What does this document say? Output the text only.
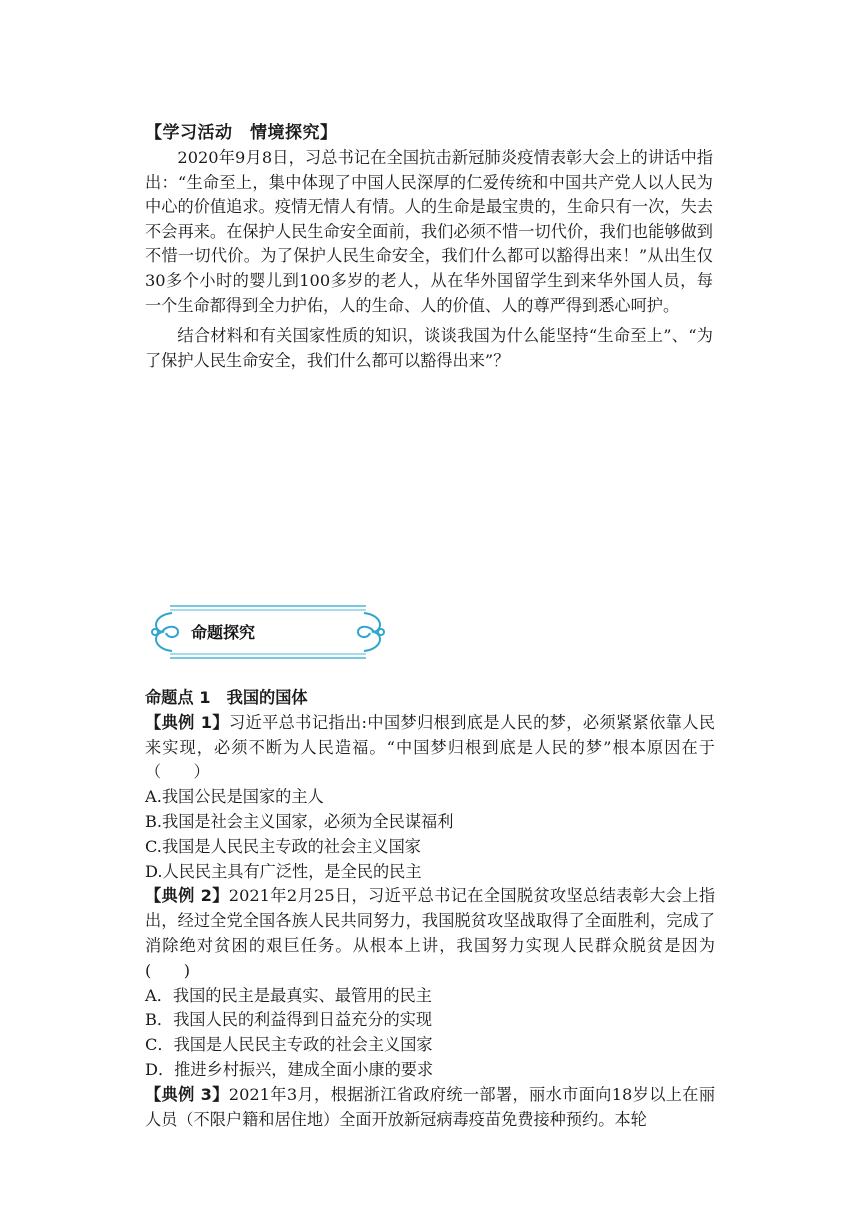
【学习活动　情境探究】

2020年9月8日，习总书记在全国抗击新冠肺炎疫情表彰大会上的讲话中指出：“生命至上，集中体现了中国人民深厚的仁爱传统和中国共产党人以人民为中心的价值追求。疫情无情人有情。人的生命是最宝贵的，生命只有一次，失去不会再来。在保护人民生命安全面前，我们必须不惜一切代价，我们也能够做到不惜一切代价。为了保护人民生命安全，我们什么都可以豁得出来！”从出生仅30多个小时的婴儿到100多岁的老人，从在华外国留学生到来华外国人员，每一个生命都得到全力护佑，人的生命、人的价值、人的尊严得到悉心呵护。

结合材料和有关国家性质的知识，谈谈我国为什么能坚持“生命至上”、“为了保护人民生命安全，我们什么都可以豁得出来”？

命题探究

命题点 1　我国的国体

【典例 1】习近平总书记指出:中国梦归根到底是人民的梦，必须紧紧依靠人民来实现，必须不断为人民造福。“中国梦归根到底是人民的梦”根本原因在于（　　）

A.我国公民是国家的主人

B.我国是社会主义国家，必须为全民谋福利

C.我国是人民民主专政的社会主义国家

D.人民民主具有广泛性，是全民的民主

【典例 2】2021年2月25日，习近平总书记在全国脱贫攻坚总结表彰大会上指出，经过全党全国各族人民共同努力，我国脱贫攻坚战取得了全面胜利，完成了消除绝对贫困的艰巨任务。从根本上讲，我国努力实现人民群众脱贫是因为(　　)

A．我国的民主是最真实、最管用的民主

B．我国人民的利益得到日益充分的实现

C．我国是人民民主专政的社会主义国家

D．推进乡村振兴，建成全面小康的要求

【典例 3】2021年3月，根据浙江省政府统一部署，丽水市面向18岁以上在丽人员（不限户籍和居住地）全面开放新冠病毒疫苗免费接种预约。本轮
